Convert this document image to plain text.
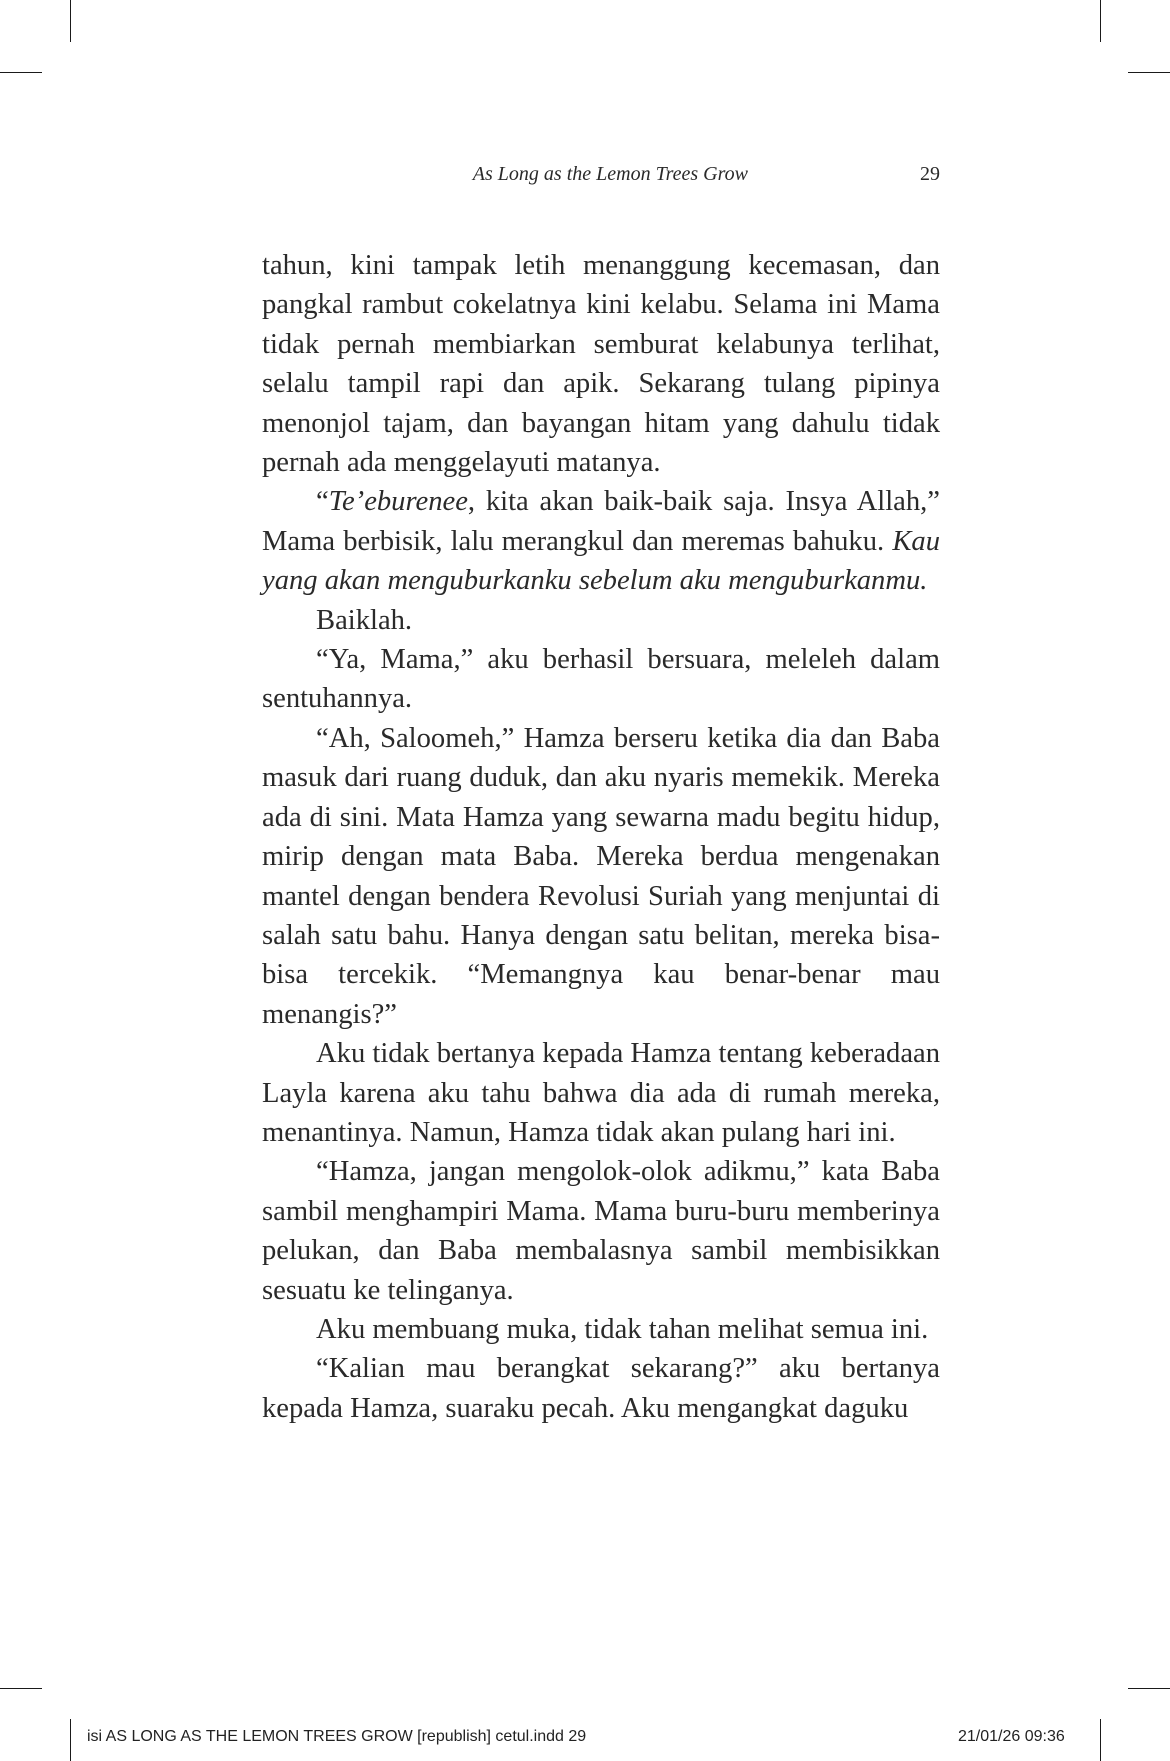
As Long as the Lemon Trees Grow	29

tahun, kini tampak letih menanggung kecemasan, dan pangkal rambut cokelatnya kini kelabu. Selama ini Mama tidak pernah membiarkan semburat kelabunya terlihat, selalu tampil rapi dan apik. Sekarang tulang pipinya menonjol tajam, dan bayangan hitam yang dahulu tidak pernah ada menggelayuti matanya.

“Te’eburenee, kita akan baik-baik saja. Insya Allah,” Mama berbisik, lalu merangkul dan meremas bahuku. Kau yang akan menguburkanku sebelum aku menguburkanmu.

Baiklah.

“Ya, Mama,” aku berhasil bersuara, meleleh dalam sentuhannya.

“Ah, Saloomeh,” Hamza berseru ketika dia dan Baba masuk dari ruang duduk, dan aku nyaris memekik. Mereka ada di sini. Mata Hamza yang sewarna madu begitu hidup, mirip dengan mata Baba. Mereka berdua mengenakan mantel dengan bendera Revolusi Suriah yang menjuntai di salah satu bahu. Hanya dengan satu belitan, mereka bisa-bisa tercekik. “Memangnya kau benar-benar mau menangis?”

Aku tidak bertanya kepada Hamza tentang keberadaan Layla karena aku tahu bahwa dia ada di rumah mereka, menantinya. Namun, Hamza tidak akan pulang hari ini.

“Hamza, jangan mengolok-olok adikmu,” kata Baba sambil menghampiri Mama. Mama buru-buru memberinya pelukan, dan Baba membalasnya sambil membisikkan sesuatu ke telinganya.

Aku membuang muka, tidak tahan melihat semua ini.

“Kalian mau berangkat sekarang?” aku bertanya kepada Hamza, suaraku pecah. Aku mengangkat daguku

isi AS LONG AS THE LEMON TREES GROW [republish] cetul.indd 29	21/01/26 09:36
